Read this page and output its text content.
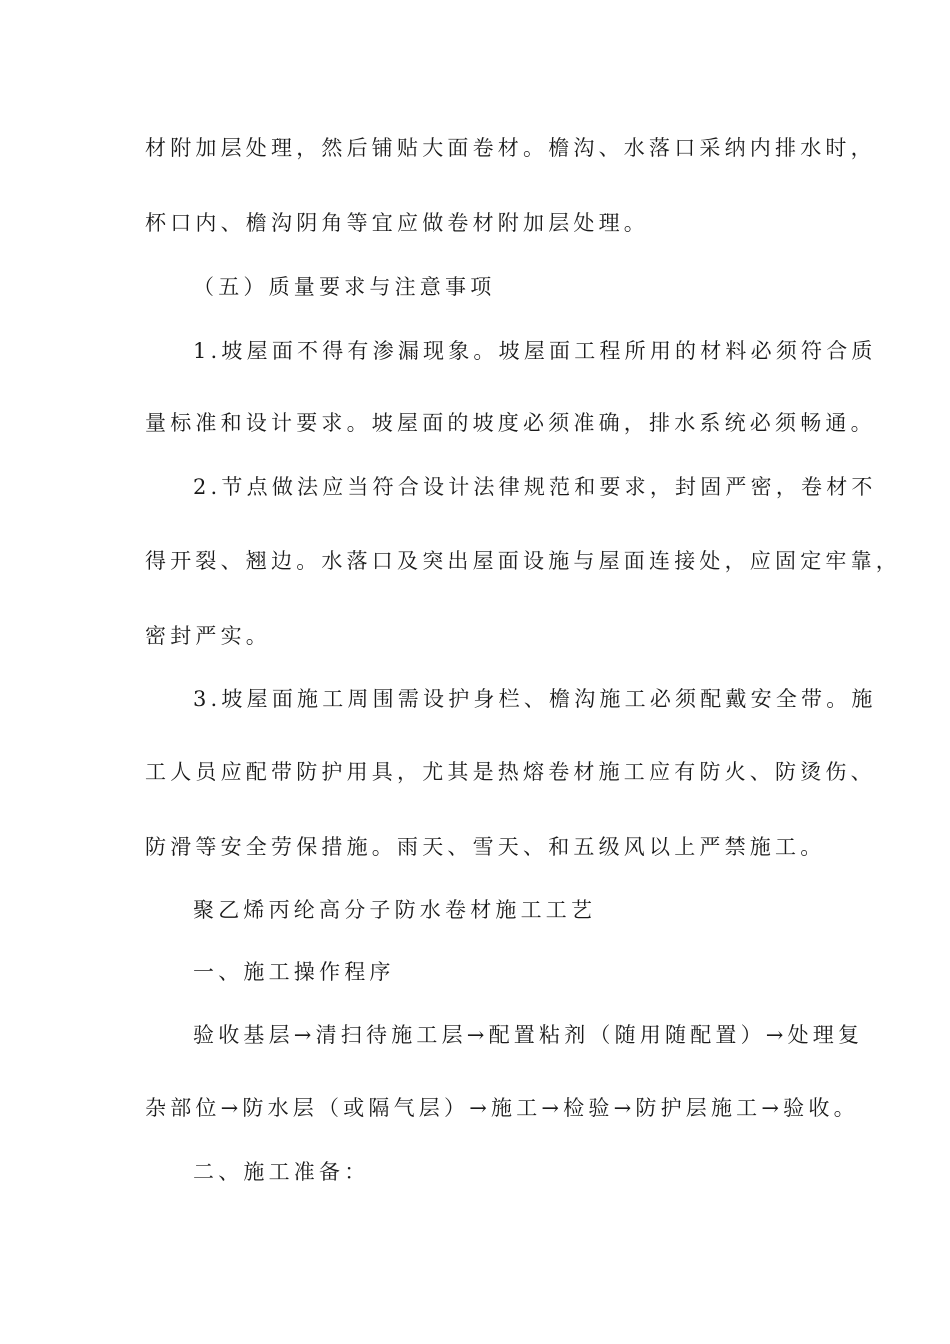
材附加层处理，然后铺贴大面卷材。檐沟、水落口采纳内排水时，
杯口内、檐沟阴角等宜应做卷材附加层处理。
（五）质量要求与注意事项
1.坡屋面不得有渗漏现象。坡屋面工程所用的材料必须符合质
量标准和设计要求。坡屋面的坡度必须准确，排水系统必须畅通。
2.节点做法应当符合设计法律规范和要求，封固严密，卷材不
得开裂、翘边。水落口及突出屋面设施与屋面连接处，应固定牢靠，
密封严实。
3.坡屋面施工周围需设护身栏、檐沟施工必须配戴安全带。施
工人员应配带防护用具，尤其是热熔卷材施工应有防火、防烫伤、
防滑等安全劳保措施。雨天、雪天、和五级风以上严禁施工。
聚乙烯丙纶高分子防水卷材施工工艺
一、施工操作程序
验收基层→清扫待施工层→配置粘剂（随用随配置）→处理复
杂部位→防水层（或隔气层）→施工→检验→防护层施工→验收。
二、施工准备：
